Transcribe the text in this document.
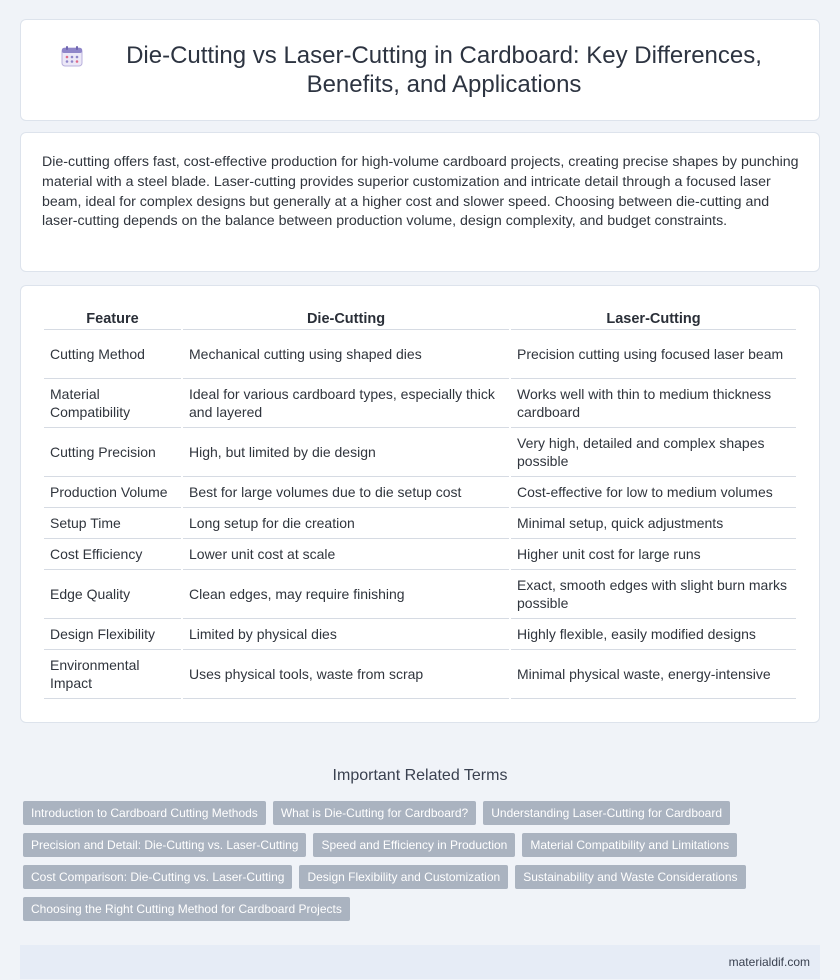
Die-Cutting vs Laser-Cutting in Cardboard: Key Differences, Benefits, and Applications

Die-cutting offers fast, cost-effective production for high-volume cardboard projects, creating precise shapes by punching material with a steel blade. Laser-cutting provides superior customization and intricate detail through a focused laser beam, ideal for complex designs but generally at a higher cost and slower speed. Choosing between die-cutting and laser-cutting depends on the balance between production volume, design complexity, and budget constraints.

Feature	Die-Cutting	Laser-Cutting
Cutting Method	Mechanical cutting using shaped dies	Precision cutting using focused laser beam
Material Compatibility	Ideal for various cardboard types, especially thick and layered	Works well with thin to medium thickness cardboard
Cutting Precision	High, but limited by die design	Very high, detailed and complex shapes possible
Production Volume	Best for large volumes due to die setup cost	Cost-effective for low to medium volumes
Setup Time	Long setup for die creation	Minimal setup, quick adjustments
Cost Efficiency	Lower unit cost at scale	Higher unit cost for large runs
Edge Quality	Clean edges, may require finishing	Exact, smooth edges with slight burn marks possible
Design Flexibility	Limited by physical dies	Highly flexible, easily modified designs
Environmental Impact	Uses physical tools, waste from scrap	Minimal physical waste, energy-intensive
Important Related Terms
Introduction to Cardboard Cutting Methods	What is Die-Cutting for Cardboard?	Understanding Laser-Cutting for Cardboard
Precision and Detail: Die-Cutting vs. Laser-Cutting	Speed and Efficiency in Production	Material Compatibility and Limitations
Cost Comparison: Die-Cutting vs. Laser-Cutting	Design Flexibility and Customization	Sustainability and Waste Considerations
Choosing the Right Cutting Method for Cardboard Projects
materialdif.com
